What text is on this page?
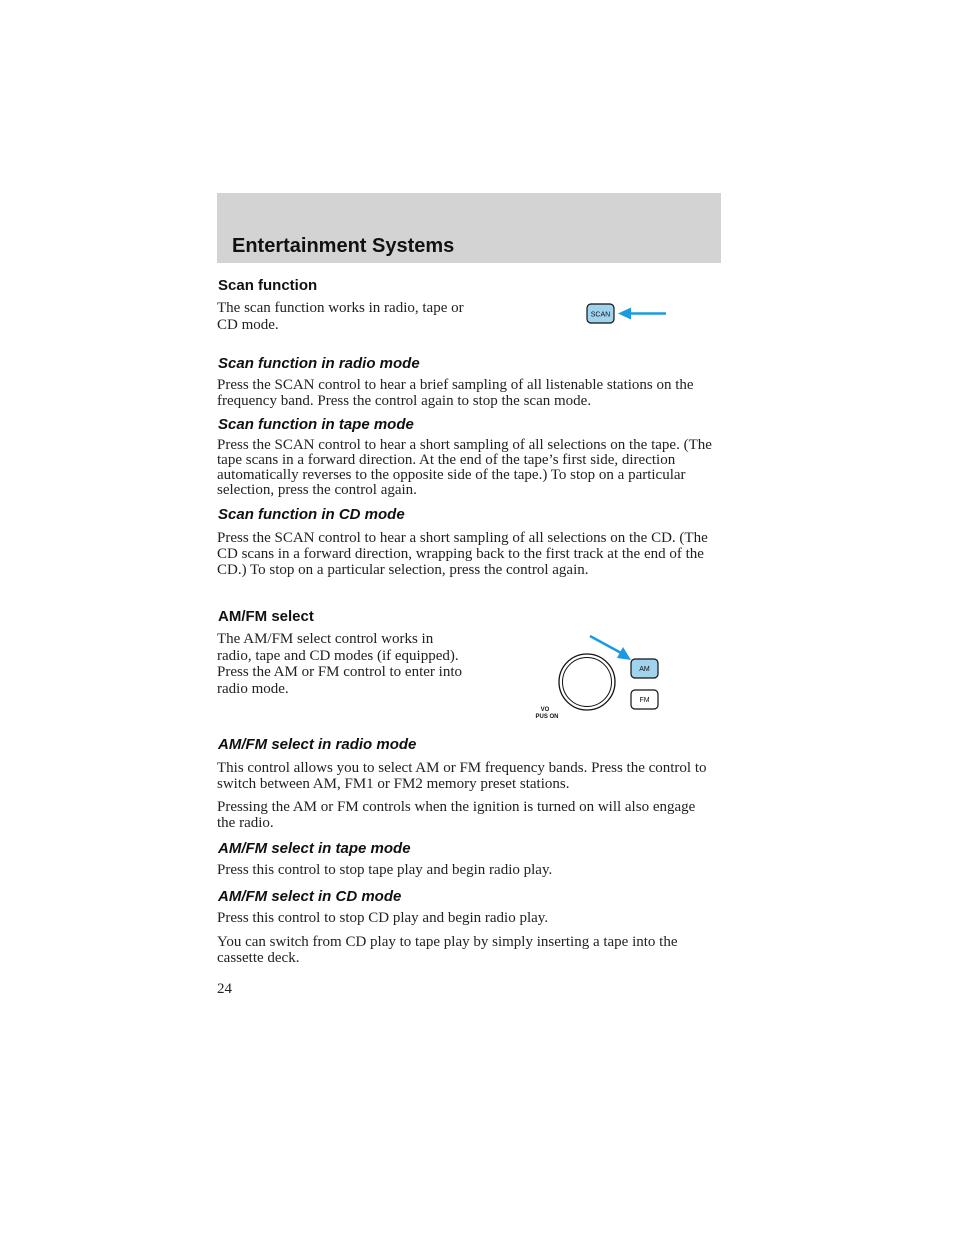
Entertainment Systems
Scan function

The scan function works in radio, tape or CD mode.

SCAN
Scan function in radio mode

Press the SCAN control to hear a brief sampling of all listenable stations on the frequency band. Press the control again to stop the scan mode.

Scan function in tape mode

Press the SCAN control to hear a short sampling of all selections on the tape. (The tape scans in a forward direction. At the end of the tape’s first side, direction automatically reverses to the opposite side of the tape.) To stop on a particular selection, press the control again.

Scan function in CD mode

Press the SCAN control to hear a short sampling of all selections on the CD. (The CD scans in a forward direction, wrapping back to the first track at the end of the CD.) To stop on a particular selection, press the control again.

AM/FM select

The AM/FM select control works in radio, tape and CD modes (if equipped). Press the AM or FM control to enter into radio mode.

VO
PUS ON
AM
FM
AM/FM select in radio mode

This control allows you to select AM or FM frequency bands. Press the control to switch between AM, FM1 or FM2 memory preset stations.

Pressing the AM or FM controls when the ignition is turned on will also engage the radio.

AM/FM select in tape mode

Press this control to stop tape play and begin radio play.

AM/FM select in CD mode

Press this control to stop CD play and begin radio play.

You can switch from CD play to tape play by simply inserting a tape into the cassette deck.

24
